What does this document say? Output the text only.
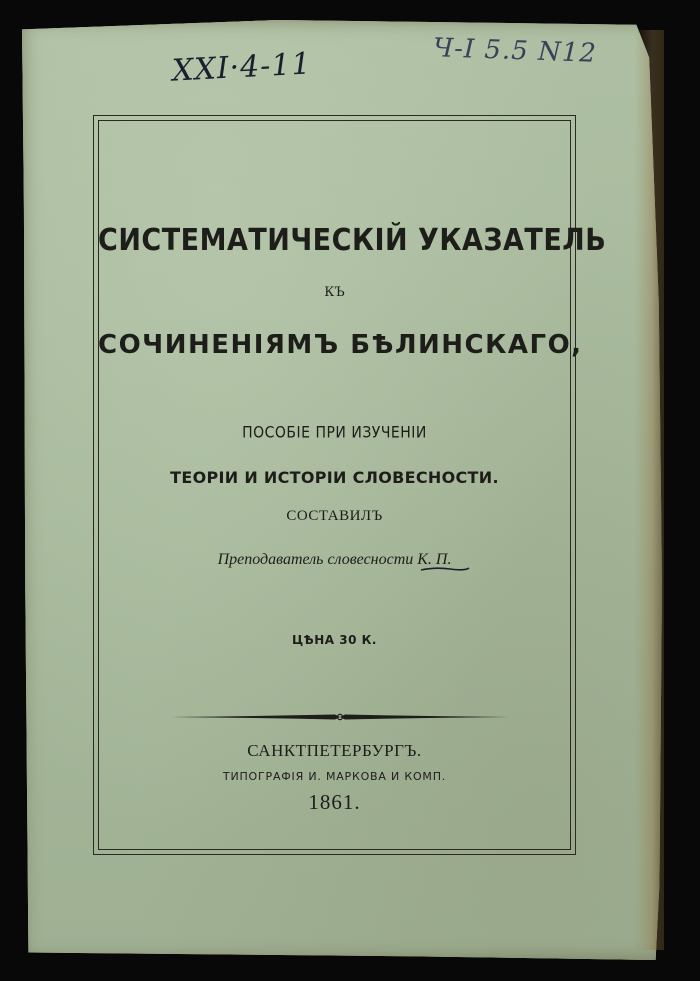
XXI·4-11	Ч-I 5.5 N12
СИСТЕМАТИЧЕСКІЙ УКАЗАТЕЛЬ
КЪ
СОЧИНЕНІЯМЪ БѢЛИНСКАГО,
ПОСОБІЕ ПРИ ИЗУЧЕНІИ
ТЕОРІИ И ИСТОРІИ СЛОВЕСНОСТИ.
СОСТАВИЛЪ
Преподаватель словесности К. П.
ЦѢНА 30 К.
САНКТПЕТЕРБУРГЪ.
ТИПОГРАФІЯ И. МАРКОВА И КОМП.
1861.
